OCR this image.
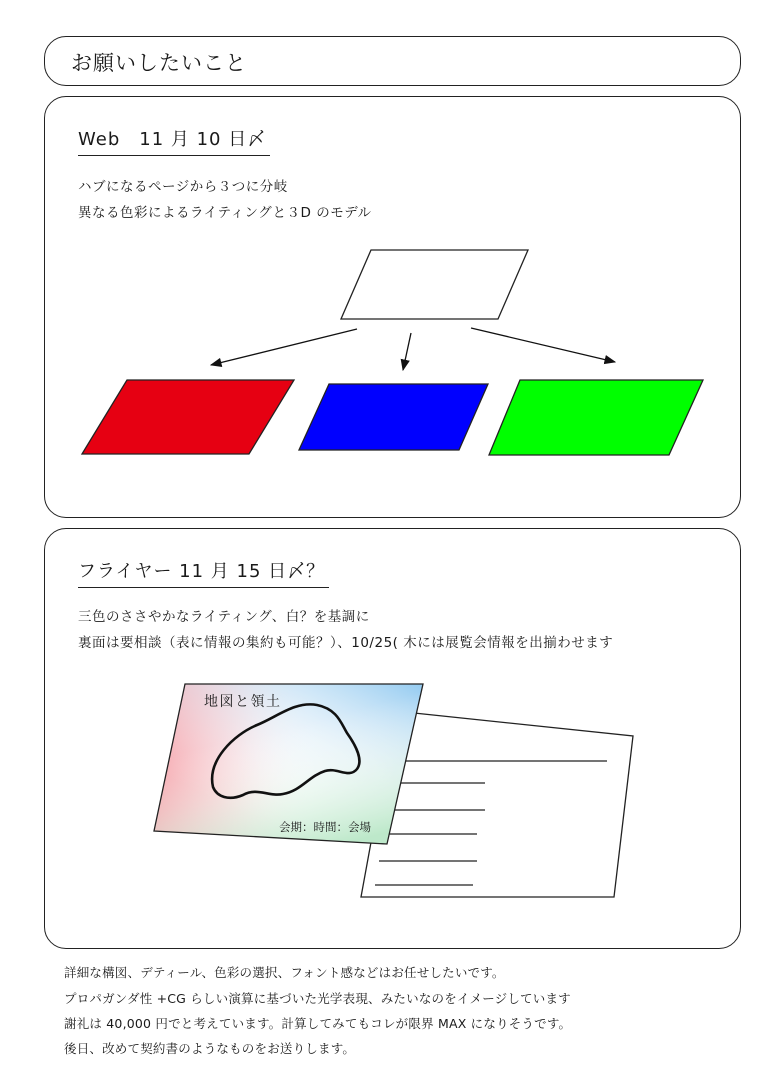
お願いしたいこと
Web　11 月 10 日〆
ハブになるページから３つに分岐
異なる色彩によるライティングと３D のモデル
フライヤー 11 月 15 日〆？
三色のささやかなライティング、白？を基調に
裏面は要相談（表に情報の集約も可能？）、10/25( 木には展覧会情報を出揃わせます
地図と領土
会期：時間：会場
詳細な構図、デティール、色彩の選択、フォント感などはお任せしたいです。
プロパガンダ性 +CG らしい演算に基づいた光学表現、みたいなのをイメージしています
謝礼は 40,000 円でと考えています。計算してみてもコレが限界 MAX になりそうです。
後日、改めて契約書のようなものをお送りします。
